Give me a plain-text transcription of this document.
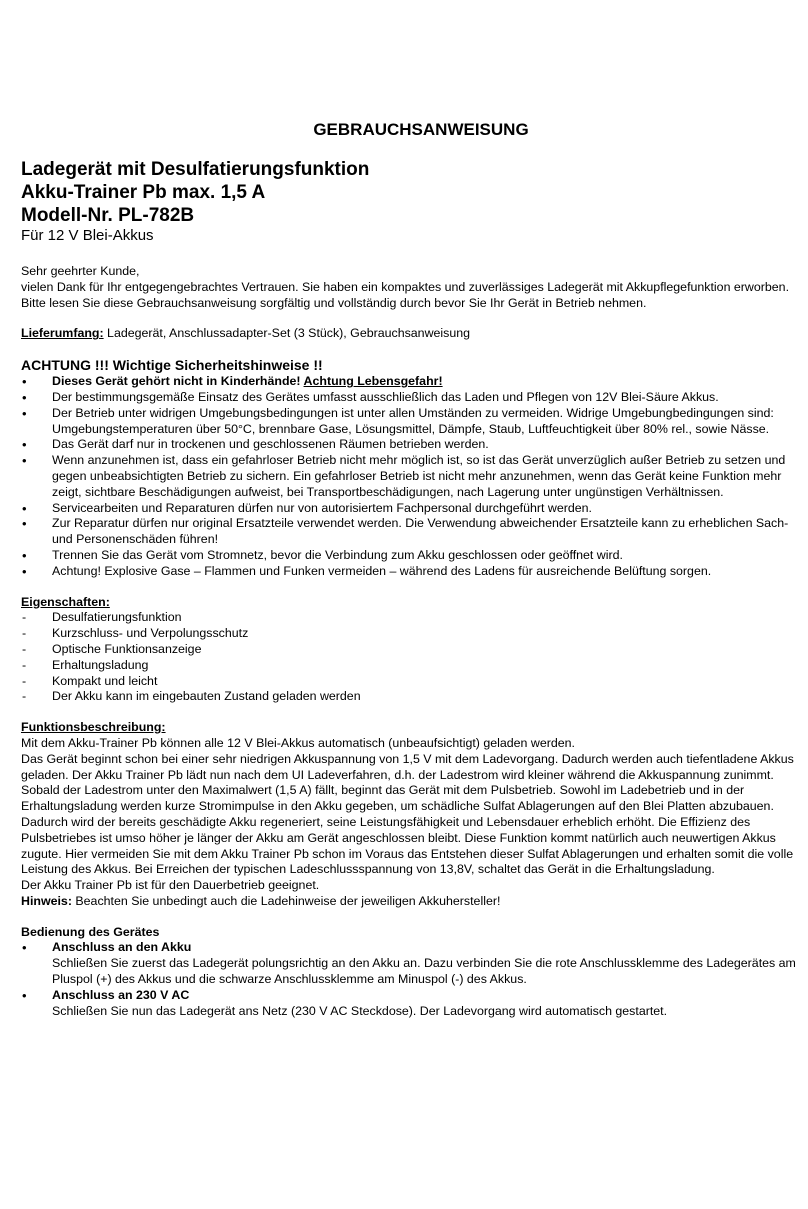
GEBRAUCHSANWEISUNG

Ladegerät mit Desulfatierungsfunktion

Akku-Trainer Pb max. 1,5 A

Modell-Nr. PL-782B

Für 12 V Blei-Akkus

Sehr geehrter Kunde,

vielen Dank für Ihr entgegengebrachtes Vertrauen. Sie haben ein kompaktes und zuverlässiges Ladegerät mit Akkupflegefunktion erworben.

Bitte lesen Sie diese Gebrauchsanweisung sorgfältig und vollständig durch bevor Sie Ihr Gerät in Betrieb nehmen.

Lieferumfang: Ladegerät, Anschlussadapter-Set (3 Stück), Gebrauchsanweisung

ACHTUNG !!! Wichtige Sicherheitshinweise !!

• Dieses Gerät gehört nicht in Kinderhände! Achtung Lebensgefahr!
• Der bestimmungsgemäße Einsatz des Gerätes umfasst ausschließlich das Laden und Pflegen von 12V Blei-Säure Akkus.
• Der Betrieb unter widrigen Umgebungsbedingungen ist unter allen Umständen zu vermeiden. Widrige Umgebungbedingungen sind: Umgebungstemperaturen über 50°C, brennbare Gase, Lösungsmittel, Dämpfe, Staub, Luftfeuchtigkeit über 80% rel., sowie Nässe.
• Das Gerät darf nur in trockenen und geschlossenen Räumen betrieben werden.
• Wenn anzunehmen ist, dass ein gefahrloser Betrieb nicht mehr möglich ist, so ist das Gerät unverzüglich außer Betrieb zu setzen und gegen unbeabsichtigten Betrieb zu sichern. Ein gefahrloser Betrieb ist nicht mehr anzunehmen, wenn das Gerät keine Funktion mehr zeigt, sichtbare Beschädigungen aufweist, bei Transportbeschädigungen, nach Lagerung unter ungünstigen Verhältnissen.
• Servicearbeiten und Reparaturen dürfen nur von autorisiertem Fachpersonal durchgeführt werden.
• Zur Reparatur dürfen nur original Ersatzteile verwendet werden. Die Verwendung abweichender Ersatzteile kann zu erheblichen Sach- und Personenschäden führen!
• Trennen Sie das Gerät vom Stromnetz, bevor die Verbindung zum Akku geschlossen oder geöffnet wird.
• Achtung! Explosive Gase – Flammen und Funken vermeiden – während des Ladens für ausreichende Belüftung sorgen.

Eigenschaften:

- Desulfatierungsfunktion
- Kurzschluss- und Verpolungsschutz
- Optische Funktionsanzeige
- Erhaltungsladung
- Kompakt und leicht
- Der Akku kann im eingebauten Zustand geladen werden

Funktionsbeschreibung:

Mit dem Akku-Trainer Pb können alle 12 V Blei-Akkus automatisch (unbeaufsichtigt) geladen werden.

Das Gerät beginnt schon bei einer sehr niedrigen Akkuspannung von 1,5 V mit dem Ladevorgang. Dadurch werden auch tiefentladene Akkus geladen. Der Akku Trainer Pb lädt nun nach dem UI Ladeverfahren, d.h. der Ladestrom wird kleiner während die Akkuspannung zunimmt. Sobald der Ladestrom unter den Maximalwert (1,5 A) fällt, beginnt das Gerät mit dem Pulsbetrieb. Sowohl im Ladebetrieb und in der Erhaltungsladung werden kurze Stromimpulse in den Akku gegeben, um schädliche Sulfat Ablagerungen auf den Blei Platten abzubauen. Dadurch wird der bereits geschädigte Akku regeneriert, seine Leistungsfähigkeit und Lebensdauer erheblich erhöht. Die Effizienz des Pulsbetriebes ist umso höher je länger der Akku am Gerät angeschlossen bleibt. Diese Funktion kommt natürlich auch neuwertigen Akkus zugute. Hier vermeiden Sie mit dem Akku Trainer Pb schon im Voraus das Entstehen dieser Sulfat Ablagerungen und erhalten somit die volle Leistung des Akkus. Bei Erreichen der typischen Ladeschlussspannung von 13,8V, schaltet das Gerät in die Erhaltungsladung.

Der Akku Trainer Pb ist für den Dauerbetrieb geeignet.

Hinweis: Beachten Sie unbedingt auch die Ladehinweise der jeweiligen Akkuhersteller!

Bedienung des Gerätes

• Anschluss an den Akku
Schließen Sie zuerst das Ladegerät polungsrichtig an den Akku an. Dazu verbinden Sie die rote Anschlussklemme des Ladegerätes am Pluspol (+) des Akkus und die schwarze Anschlussklemme am Minuspol (-) des Akkus.
• Anschluss an 230 V AC
Schließen Sie nun das Ladegerät ans Netz (230 V AC Steckdose). Der Ladevorgang wird automatisch gestartet.
